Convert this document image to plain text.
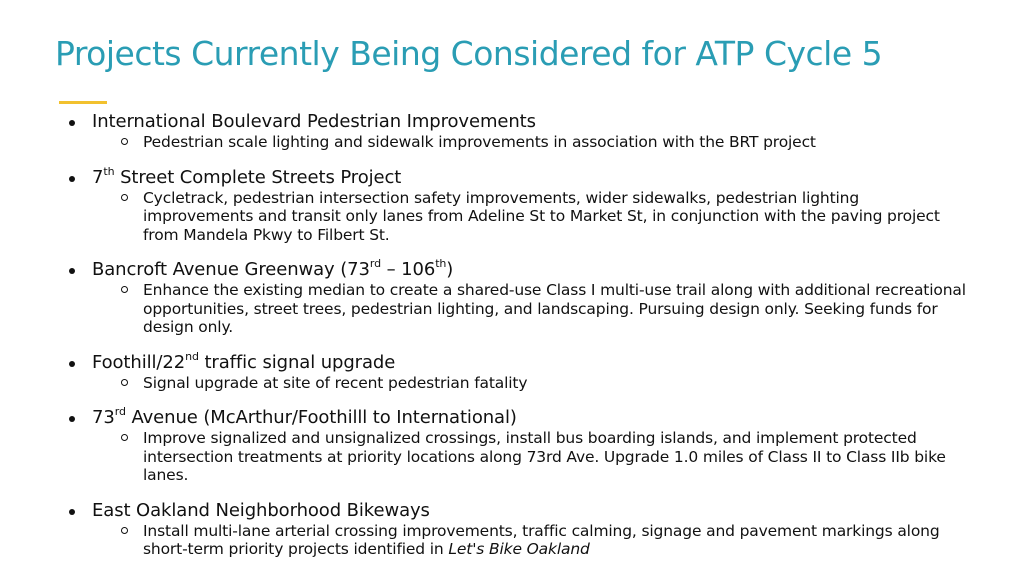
Projects Currently Being Considered for ATP Cycle 5
International Boulevard Pedestrian Improvements
Pedestrian scale lighting and sidewalk improvements in association with the BRT project
7th Street Complete Streets Project
Cycletrack, pedestrian intersection safety improvements, wider sidewalks, pedestrian lighting improvements and transit only lanes from Adeline St to Market St, in conjunction with the paving project from Mandela Pkwy to Filbert St.
Bancroft Avenue Greenway (73rd – 106th)
Enhance the existing median to create a shared-use Class I multi-use trail along with additional recreational opportunities, street trees, pedestrian lighting, and landscaping. Pursuing design only. Seeking funds for design only.
Foothill/22nd traffic signal upgrade
Signal upgrade at site of recent pedestrian fatality
73rd Avenue (McArthur/Foothilll to International)
Improve signalized and unsignalized crossings, install bus boarding islands, and implement protected intersection treatments at priority locations along 73rd Ave. Upgrade 1.0 miles of Class II to Class IIb bike lanes.
East Oakland Neighborhood Bikeways
Install multi-lane arterial crossing improvements, traffic calming, signage and pavement markings along short-term priority projects identified in Let's Bike Oakland
